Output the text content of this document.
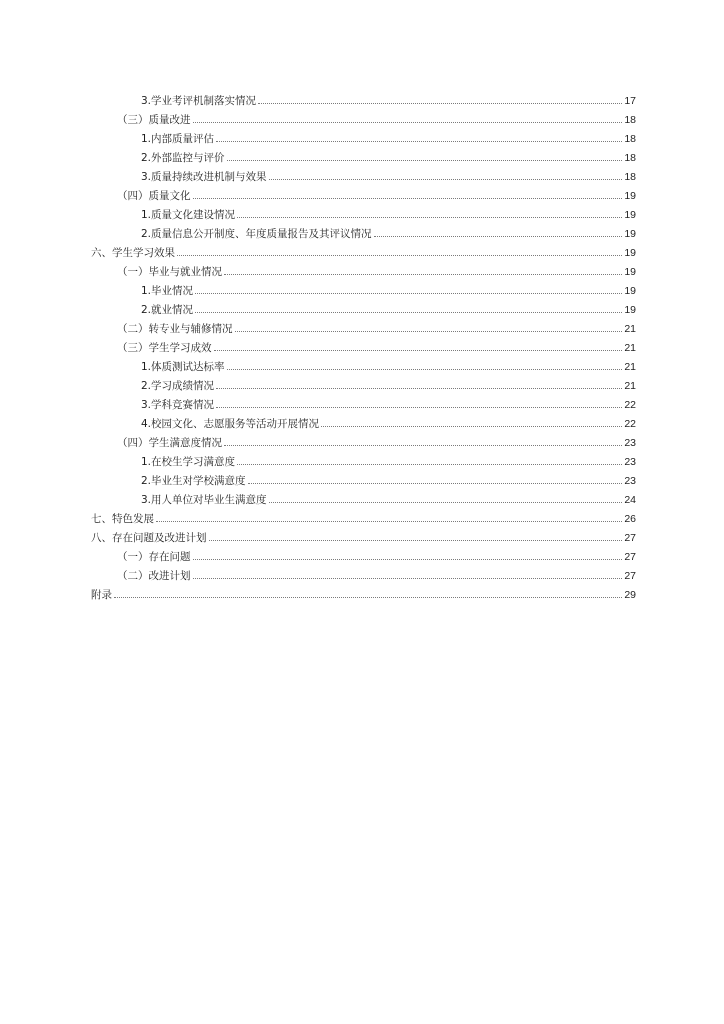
3.学业考评机制落实情况	17
（三）质量改进	18
1.内部质量评估	18
2.外部监控与评价	18
3.质量持续改进机制与效果	18
（四）质量文化	19
1.质量文化建设情况	19
2.质量信息公开制度、年度质量报告及其评议情况	19
六、学生学习效果	19
（一）毕业与就业情况	19
1.毕业情况	19
2.就业情况	19
（二）转专业与辅修情况	21
（三）学生学习成效	21
1.体质测试达标率	21
2.学习成绩情况	21
3.学科竞赛情况	22
4.校园文化、志愿服务等活动开展情况	22
（四）学生满意度情况	23
1.在校生学习满意度	23
2.毕业生对学校满意度	23
3.用人单位对毕业生满意度	24
七、特色发展	26
八、存在问题及改进计划	27
（一）存在问题	27
（二）改进计划	27
附录	29
